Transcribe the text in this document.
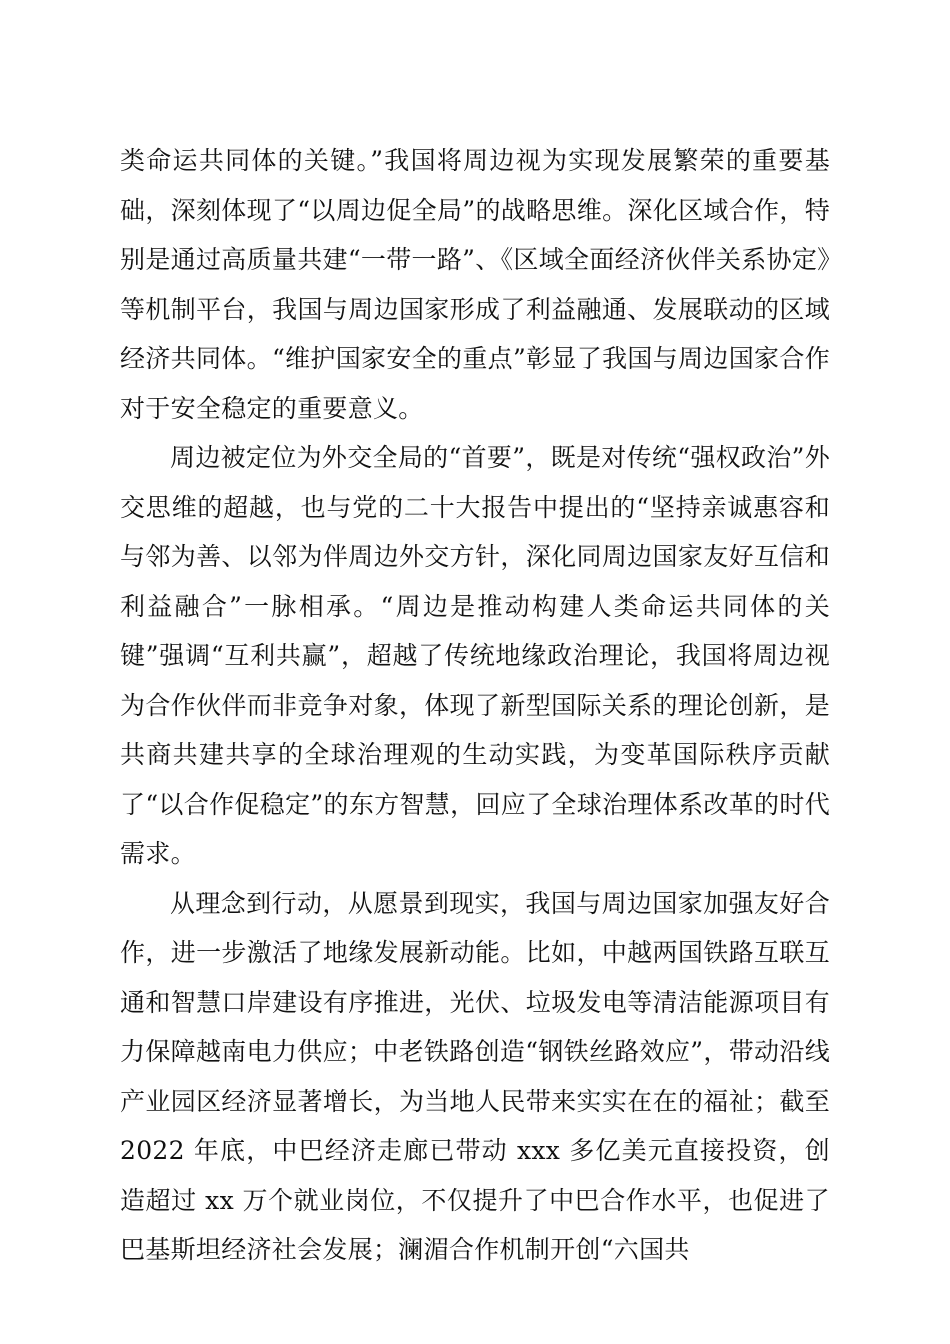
类命运共同体的关键。”我国将周边视为实现发展繁荣的重要基础，深刻体现了“以周边促全局”的战略思维。深化区域合作，特别是通过高质量共建“一带一路”、《区域全面经济伙伴关系协定》等机制平台，我国与周边国家形成了利益融通、发展联动的区域经济共同体。“维护国家安全的重点”彰显了我国与周边国家合作对于安全稳定的重要意义。

周边被定位为外交全局的“首要”，既是对传统“强权政治”外交思维的超越，也与党的二十大报告中提出的“坚持亲诚惠容和与邻为善、以邻为伴周边外交方针，深化同周边国家友好互信和利益融合”一脉相承。“周边是推动构建人类命运共同体的关键”强调“互利共赢”，超越了传统地缘政治理论，我国将周边视为合作伙伴而非竞争对象，体现了新型国际关系的理论创新，是共商共建共享的全球治理观的生动实践，为变革国际秩序贡献了“以合作促稳定”的东方智慧，回应了全球治理体系改革的时代需求。

从理念到行动，从愿景到现实，我国与周边国家加强友好合作，进一步激活了地缘发展新动能。比如，中越两国铁路互联互通和智慧口岸建设有序推进，光伏、垃圾发电等清洁能源项目有力保障越南电力供应；中老铁路创造“钢铁丝路效应”，带动沿线产业园区经济显著增长，为当地人民带来实实在在的福祉；截至 2022 年底，中巴经济走廊已带动 xxx 多亿美元直接投资，创造超过 xx 万个就业岗位，不仅提升了中巴合作水平，也促进了巴基斯坦经济社会发展；澜湄合作机制开创“六国共
